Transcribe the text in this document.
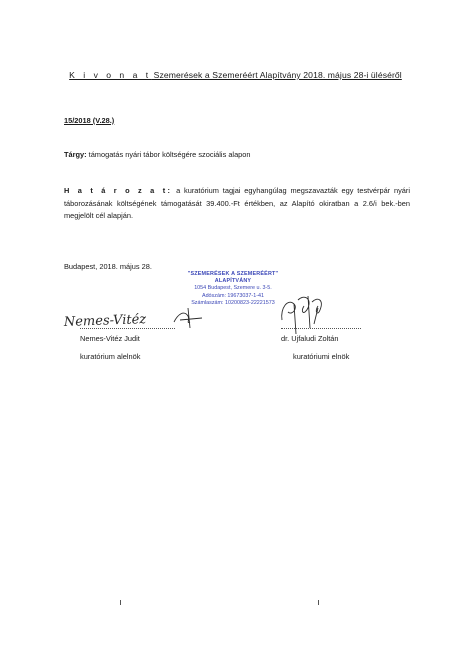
K i v o n a t Szemerések a Szemeréért Alapítvány 2018. május 28-i üléséről
15/2018 (V.28.)
Tárgy: támogatás nyári tábor költségére szociális alapon
H a t á r o z a t: a kuratórium tagjai egyhangúlag megszavazták egy testvérpár nyári táborozásának költségének támogatását 39.400.-Ft értékben, az Alapító okiratban a 2.6/i bek.-ben megjelölt cél alapján.
Budapest, 2018. május 28.
"SZEMERÉSEK A SZEMERÉÉRT"
ALAPÍTVÁNY
1054 Budapest, Szemere u. 3-5.
Adószám: 19673037-1-41
Számlaszám: 10200823-22221573
Nemes-Vitéz
Nemes-Vitéz Judit
kuratórium alelnök
dr. Ujfaludi Zoltán
kuratóriumi elnök
